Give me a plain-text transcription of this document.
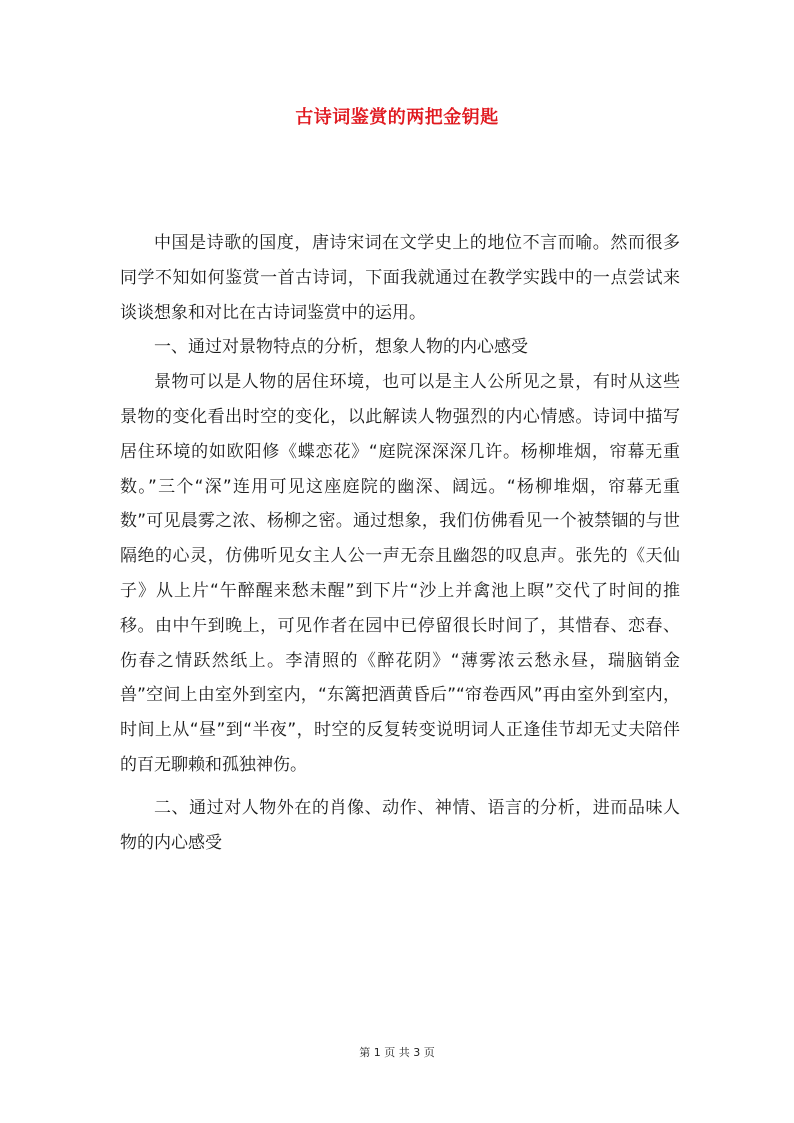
古诗词鉴赏的两把金钥匙

中国是诗歌的国度，唐诗宋词在文学史上的地位不言而喻。然而很多同学不知如何鉴赏一首古诗词，下面我就通过在教学实践中的一点尝试来谈谈想象和对比在古诗词鉴赏中的运用。

一、通过对景物特点的分析，想象人物的内心感受

景物可以是人物的居住环境，也可以是主人公所见之景，有时从这些景物的变化看出时空的变化，以此解读人物强烈的内心情感。诗词中描写居住环境的如欧阳修《蝶恋花》“庭院深深深几许。杨柳堆烟，帘幕无重数。”三个“深”连用可见这座庭院的幽深、阔远。“杨柳堆烟，帘幕无重数”可见晨雾之浓、杨柳之密。通过想象，我们仿佛看见一个被禁锢的与世隔绝的心灵，仿佛听见女主人公一声无奈且幽怨的叹息声。张先的《天仙子》从上片“午醉醒来愁未醒”到下片“沙上并禽池上暝”交代了时间的推移。由中午到晚上，可见作者在园中已停留很长时间了，其惜春、恋春、伤春之情跃然纸上。李清照的《醉花阴》“薄雾浓云愁永昼，瑞脑销金兽”空间上由室外到室内，“东篱把酒黄昏后”“帘卷西风”再由室外到室内，时间上从“昼”到“半夜”，时空的反复转变说明词人正逢佳节却无丈夫陪伴的百无聊赖和孤独神伤。

二、通过对人物外在的肖像、动作、神情、语言的分析，进而品味人物的内心感受

第 1 页 共 3 页
